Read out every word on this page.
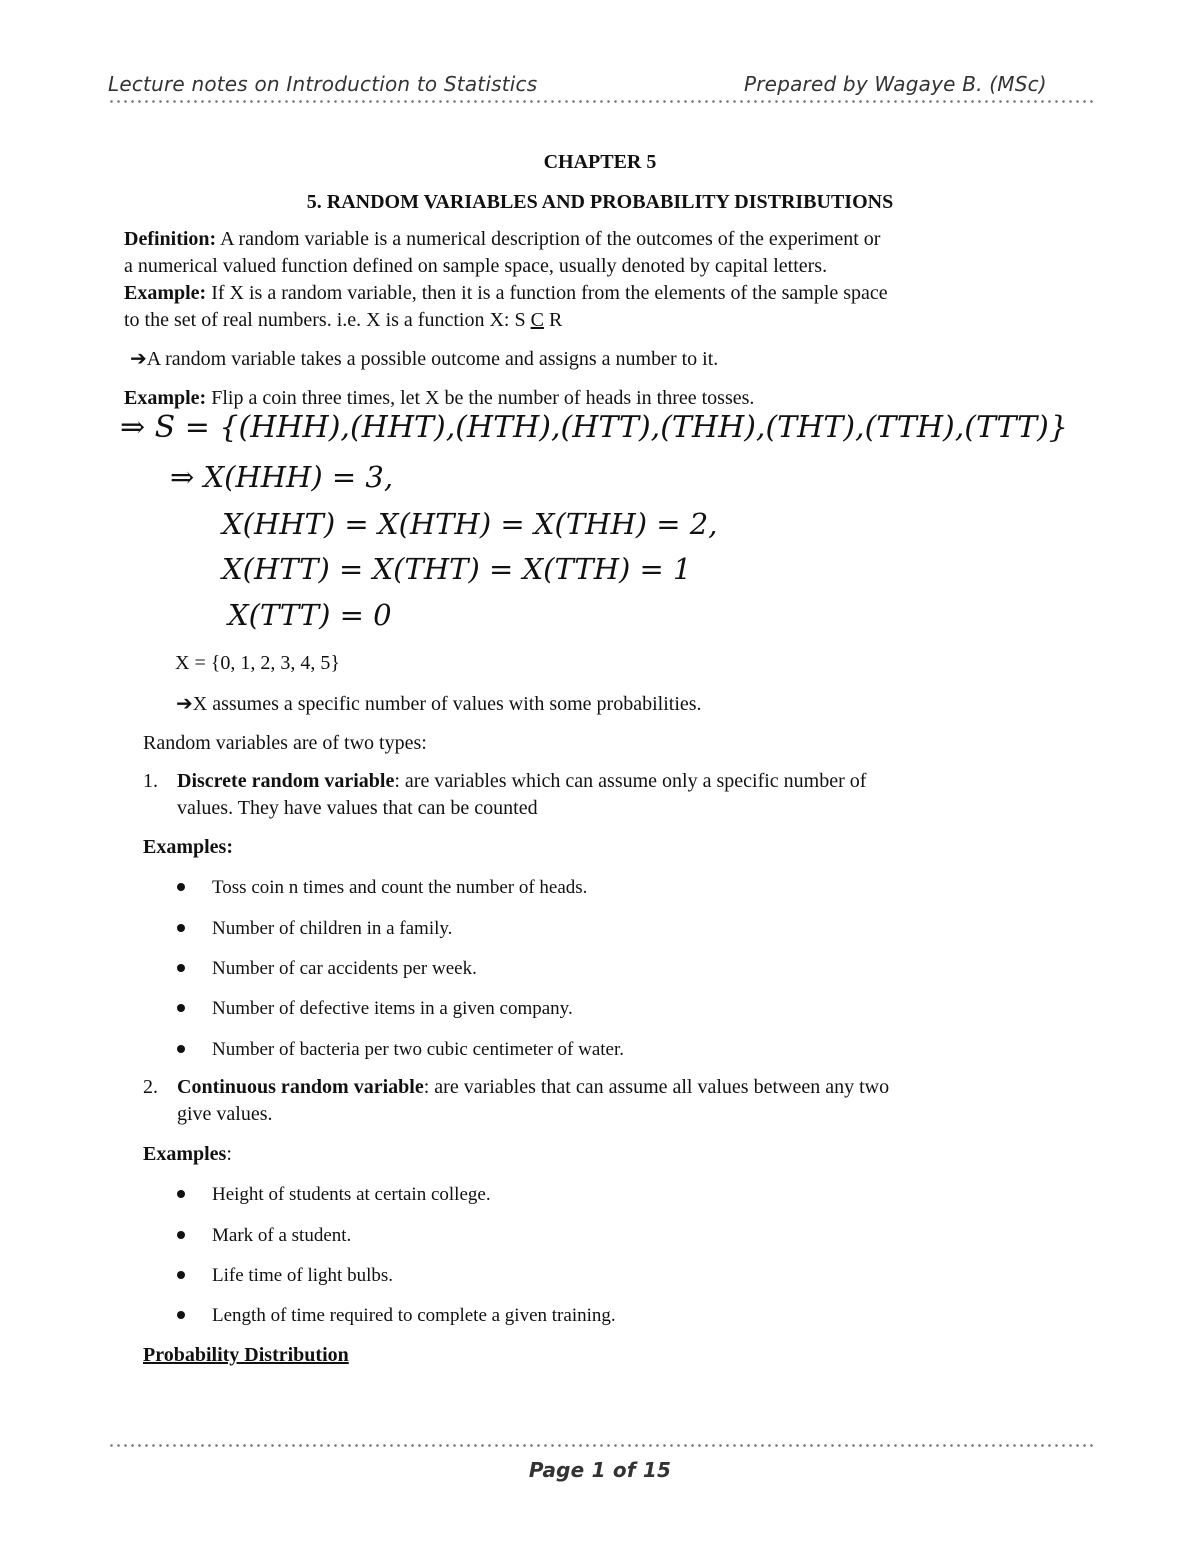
Lecture notes on Introduction to Statistics	Prepared by Wagaye B. (MSc)
CHAPTER 5
5. RANDOM VARIABLES AND PROBABILITY DISTRIBUTIONS
Definition: A random variable is a numerical description of the outcomes of the experiment or
a numerical valued function defined on sample space, usually denoted by capital letters.
Example: If X is a random variable, then it is a function from the elements of the sample space
to the set of real numbers. i.e. X is a function X: S C R
➔A random variable takes a possible outcome and assigns a number to it.
Example: Flip a coin three times, let X be the number of heads in three tosses.
⇒ S = {(HHH),(HHT),(HTH),(HTT),(THH),(THT),(TTH),(TTT)}
⇒ X(HHH) = 3,
X(HHT) = X(HTH) = X(THH) = 2,
X(HTT) = X(THT) = X(TTH) = 1
X(TTT) = 0
X = {0, 1, 2, 3, 4, 5}
➔X assumes a specific number of values with some probabilities.
Random variables are of two types:
1. Discrete random variable: are variables which can assume only a specific number of
values. They have values that can be counted
Examples:
Toss coin n times and count the number of heads.
Number of children in a family.
Number of car accidents per week.
Number of defective items in a given company.
Number of bacteria per two cubic centimeter of water.
2. Continuous random variable: are variables that can assume all values between any two
give values.
Examples:
Height of students at certain college.
Mark of a student.
Life time of light bulbs.
Length of time required to complete a given training.
Probability Distribution
Page 1 of 15
